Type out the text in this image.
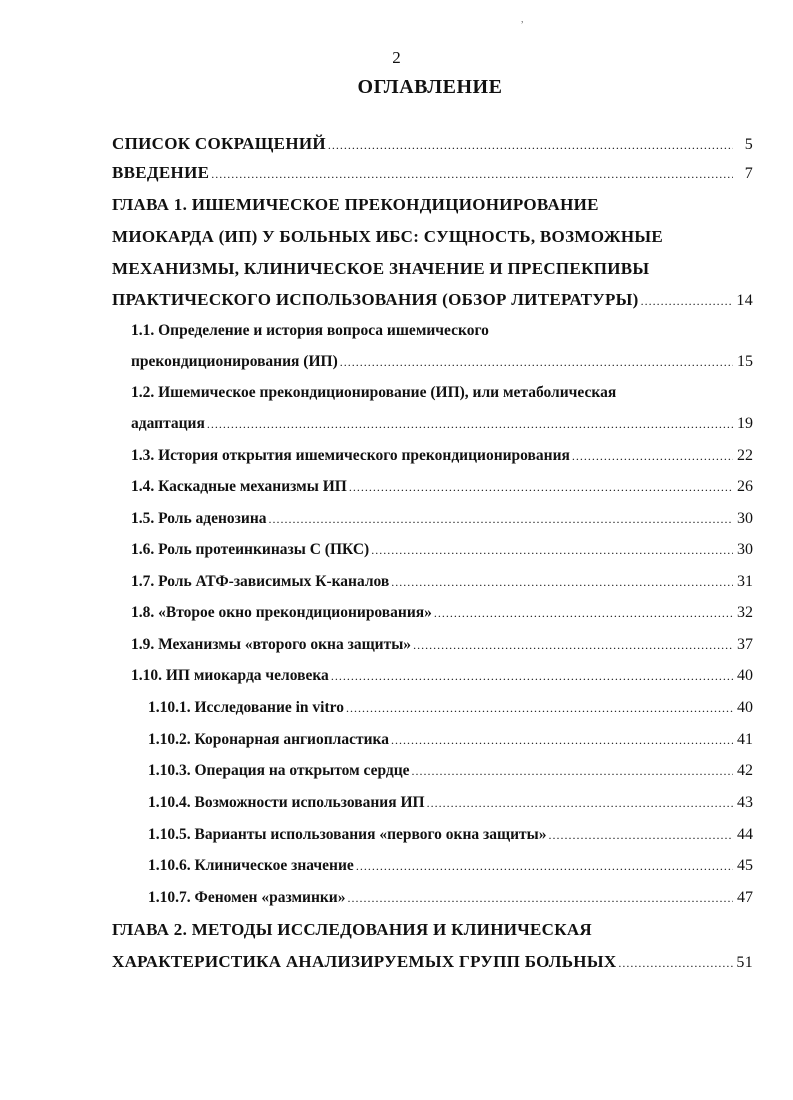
,
2
ОГЛАВЛЕНИЕ
СПИСОК СОКРАЩЕНИЙ .....	5
ВВЕДЕНИЕ .....	7
ГЛАВА 1. ИШЕМИЧЕСКОЕ ПРЕКОНДИЦИОНИРОВАНИЕ
МИОКАРДА (ИП) У БОЛЬНЫХ ИБС: СУЩНОСТЬ, ВОЗМОЖНЫЕ
МЕХАНИЗМЫ, КЛИНИЧЕСКОЕ ЗНАЧЕНИЕ И ПРЕСПЕКПИВЫ
ПРАКТИЧЕСКОГО ИСПОЛЬЗОВАНИЯ (ОБЗОР ЛИТЕРАТУРЫ) .....	14
1.1. Определение и история вопроса ишемического
прекондиционирования (ИП) .....	15
1.2. Ишемическое прекондиционирование (ИП), или метаболическая
адаптация .....	19
1.3. История открытия ишемического прекондиционирования .....	22
1.4. Каскадные механизмы ИП .....	26
1.5. Роль аденозина .....	30
1.6. Роль протеинкиназы С (ПКС) .....	30
1.7. Роль АТФ-зависимых К-каналов .....	31
1.8. «Второе окно прекондиционирования» .....	32
1.9. Механизмы «второго окна защиты» .....	37
1.10. ИП миокарда человека .....	40
1.10.1. Исследование in vitro .....	40
1.10.2. Коронарная ангиопластика .....	41
1.10.3. Операция на открытом сердце .....	42
1.10.4. Возможности использования ИП .....	43
1.10.5. Варианты использования «первого окна защиты» .....	44
1.10.6. Клиническое значение .....	45
1.10.7. Феномен «разминки» .....	47
ГЛАВА 2. МЕТОДЫ ИССЛЕДОВАНИЯ И КЛИНИЧЕСКАЯ
ХАРАКТЕРИСТИКА АНАЛИЗИРУЕМЫХ ГРУПП БОЛЬНЫХ .....	51
